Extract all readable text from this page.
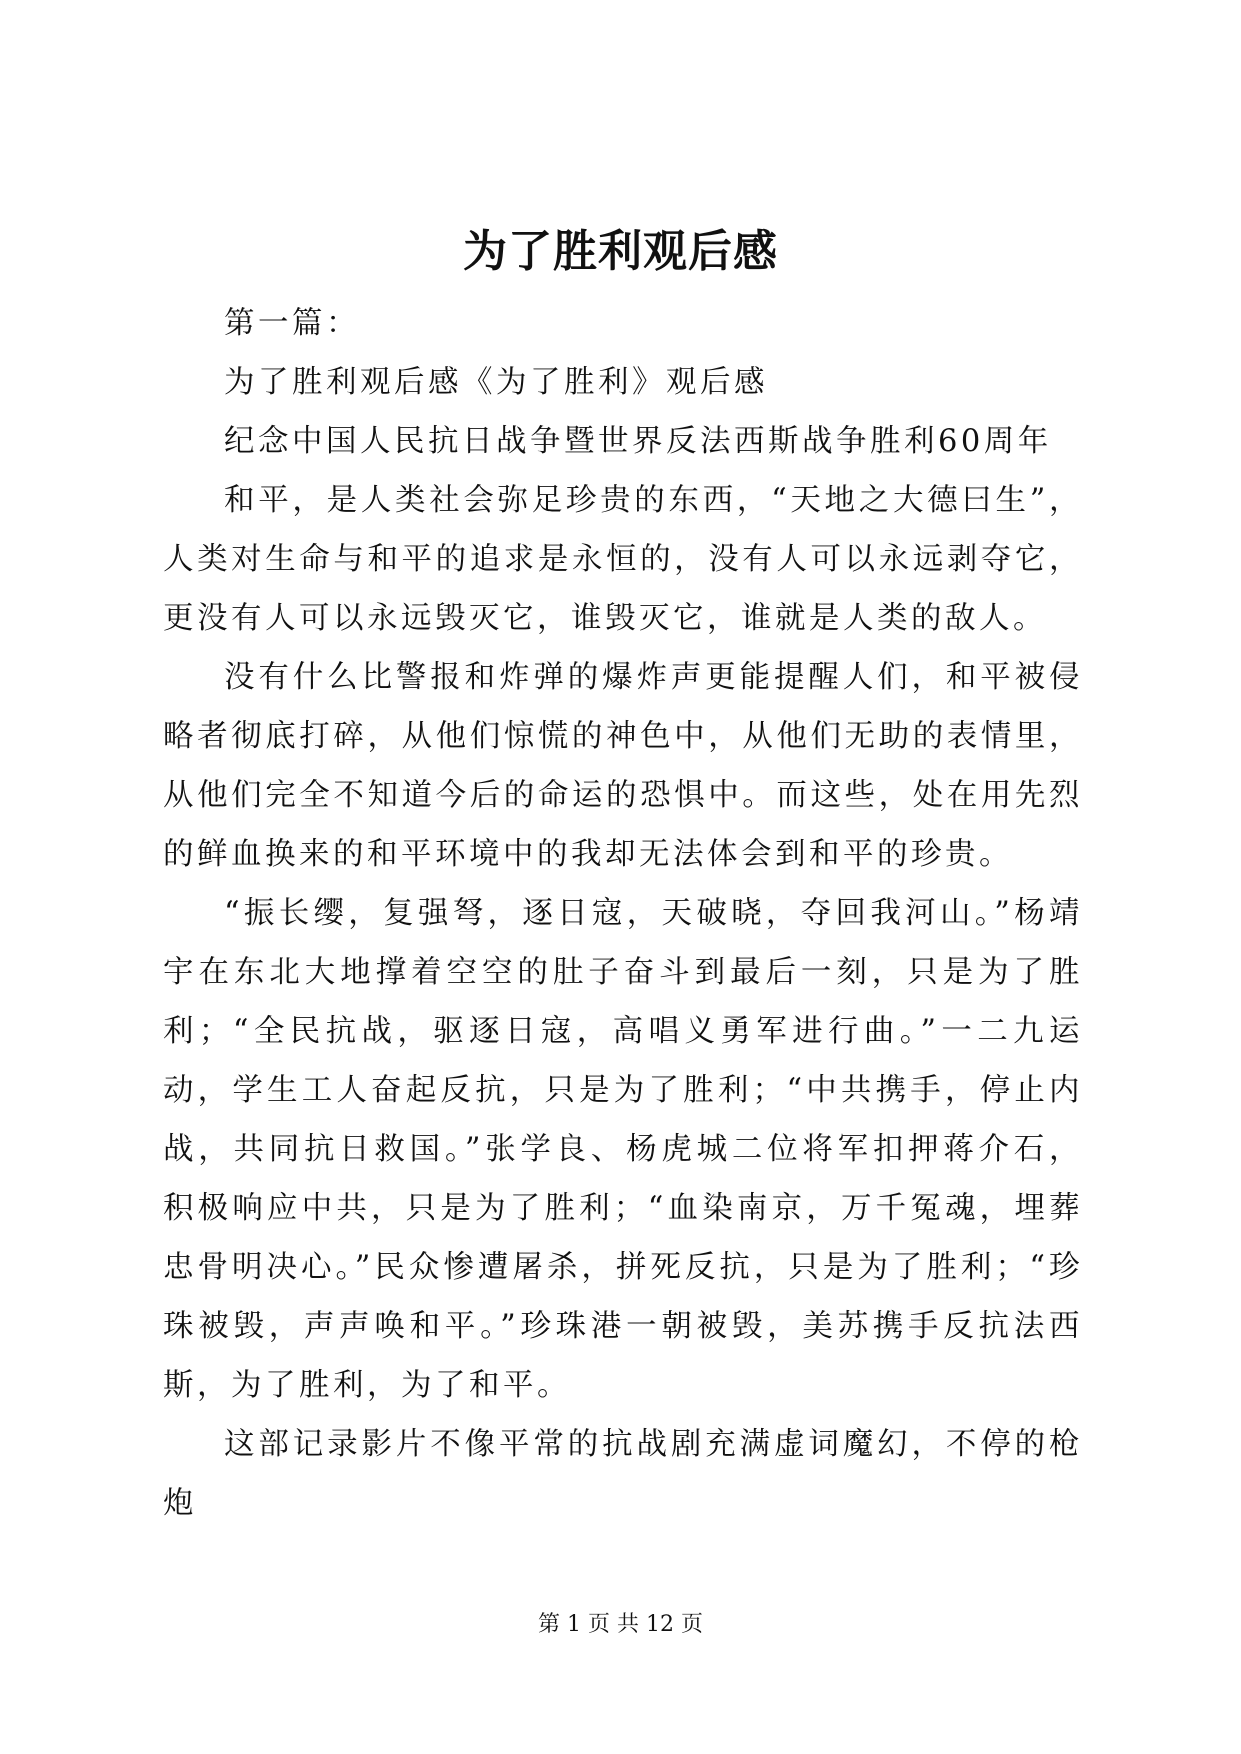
为了胜利观后感

第一篇：

为了胜利观后感《为了胜利》观后感

纪念中国人民抗日战争暨世界反法西斯战争胜利60周年

和平，是人类社会弥足珍贵的东西，“天地之大德曰生”，人类对生命与和平的追求是永恒的，没有人可以永远剥夺它，更没有人可以永远毁灭它，谁毁灭它，谁就是人类的敌人。

没有什么比警报和炸弹的爆炸声更能提醒人们，和平被侵略者彻底打碎，从他们惊慌的神色中，从他们无助的表情里，从他们完全不知道今后的命运的恐惧中。而这些，处在用先烈的鲜血换来的和平环境中的我却无法体会到和平的珍贵。

“振长缨，复强弩，逐日寇，天破晓，夺回我河山。”杨靖宇在东北大地撑着空空的肚子奋斗到最后一刻，只是为了胜利；“全民抗战，驱逐日寇，高唱义勇军进行曲。”一二九运动，学生工人奋起反抗，只是为了胜利；“中共携手，停止内战，共同抗日救国。”张学良、杨虎城二位将军扣押蒋介石，积极响应中共，只是为了胜利；“血染南京，万千冤魂，埋葬忠骨明决心。”民众惨遭屠杀，拼死反抗，只是为了胜利；“珍珠被毁，声声唤和平。”珍珠港一朝被毁，美苏携手反抗法西斯，为了胜利，为了和平。

这部记录影片不像平常的抗战剧充满虚词魔幻，不停的枪炮

第 1 页 共 12 页
